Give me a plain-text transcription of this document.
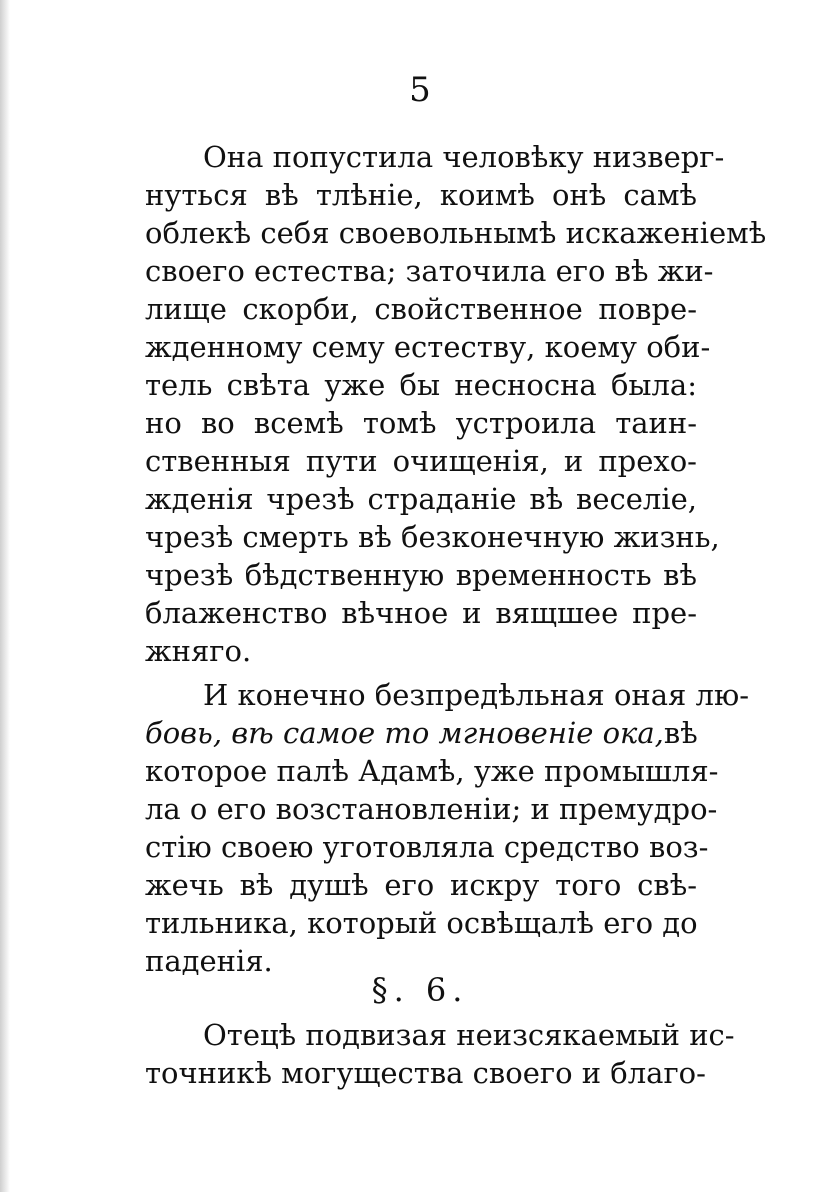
5
Она попустила человѣку низверг-
нуться вѣ тлѣніе, коимѣ онѣ самѣ
облекѣ себя своевольнымѣ искаженіемѣ
своего естества; заточила его вѣ жи-
лище скорби, свойственное повре-
жденному сему естеству, коему оби-
тель свѣта уже бы несносна была:
но во всемѣ томѣ устроила таин-
ственныя пути очищенія, и прехо-
жденія чрезѣ страданіе вѣ веселіе,
чрезѣ смерть вѣ безконечную жизнь,
чрезѣ бѣдственную временность вѣ
блаженство вѣчное и вящшее пре-
жняго.
И конечно безпредѣльная оная лю-
бовь, вѣ самое то мгновеніе ока, вѣ
которое палѣ Адамѣ, уже промышля-
ла о его возстановленіи; и премудро-
стію своею уготовляла средство воз-
жечь вѣ душѣ его искру того свѣ-
тильника, который освѣщалѣ его до
паденія.
§. 6.
Отецѣ подвизая неизсякаемый ис-
точникѣ могущества своего и благо-
